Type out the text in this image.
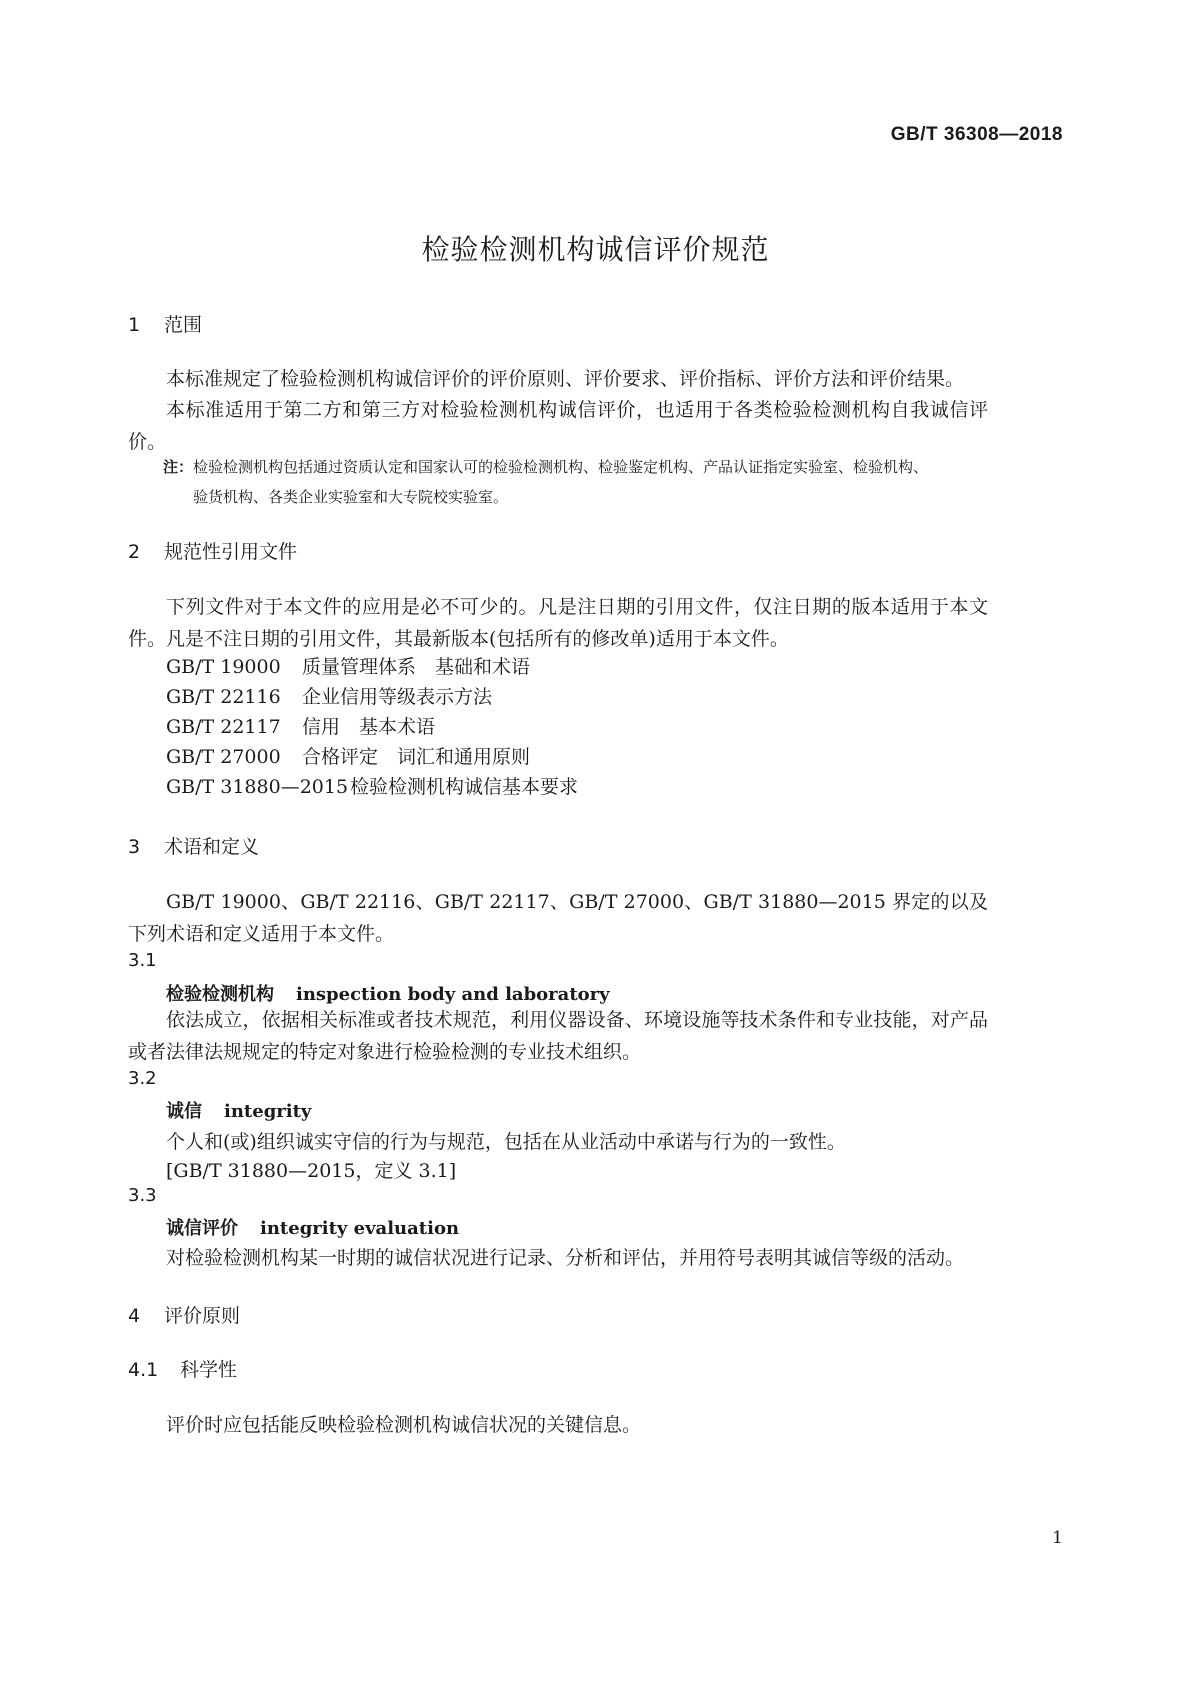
GB/T 36308—2018
检验检测机构诚信评价规范
1 范围
本标准规定了检验检测机构诚信评价的评价原则、评价要求、评价指标、评价方法和评价结果。
本标准适用于第二方和第三方对检验检测机构诚信评价，也适用于各类检验检测机构自我诚信评价。
注：检验检测机构包括通过资质认定和国家认可的检验检测机构、检验鉴定机构、产品认证指定实验室、检验机构、
验货机构、各类企业实验室和大专院校实验室。
2 规范性引用文件
下列文件对于本文件的应用是必不可少的。凡是注日期的引用文件，仅注日期的版本适用于本文件。凡是不注日期的引用文件，其最新版本(包括所有的修改单)适用于本文件。
GB/T 19000 质量管理体系　基础和术语
GB/T 22116 企业信用等级表示方法
GB/T 22117 信用　基本术语
GB/T 27000 合格评定　词汇和通用原则
GB/T 31880—2015 检验检测机构诚信基本要求
3 术语和定义
GB/T 19000、GB/T 22116、GB/T 22117、GB/T 27000、GB/T 31880—2015 界定的以及下列术语和定义适用于本文件。
3.1
检验检测机构 inspection body and laboratory
依法成立，依据相关标准或者技术规范，利用仪器设备、环境设施等技术条件和专业技能，对产品或者法律法规规定的特定对象进行检验检测的专业技术组织。
3.2
诚信 integrity
个人和(或)组织诚实守信的行为与规范，包括在从业活动中承诺与行为的一致性。
[GB/T 31880—2015，定义 3.1]
3.3
诚信评价 integrity evaluation
对检验检测机构某一时期的诚信状况进行记录、分析和评估，并用符号表明其诚信等级的活动。
4 评价原则
4.1 科学性
评价时应包括能反映检验检测机构诚信状况的关键信息。
1
